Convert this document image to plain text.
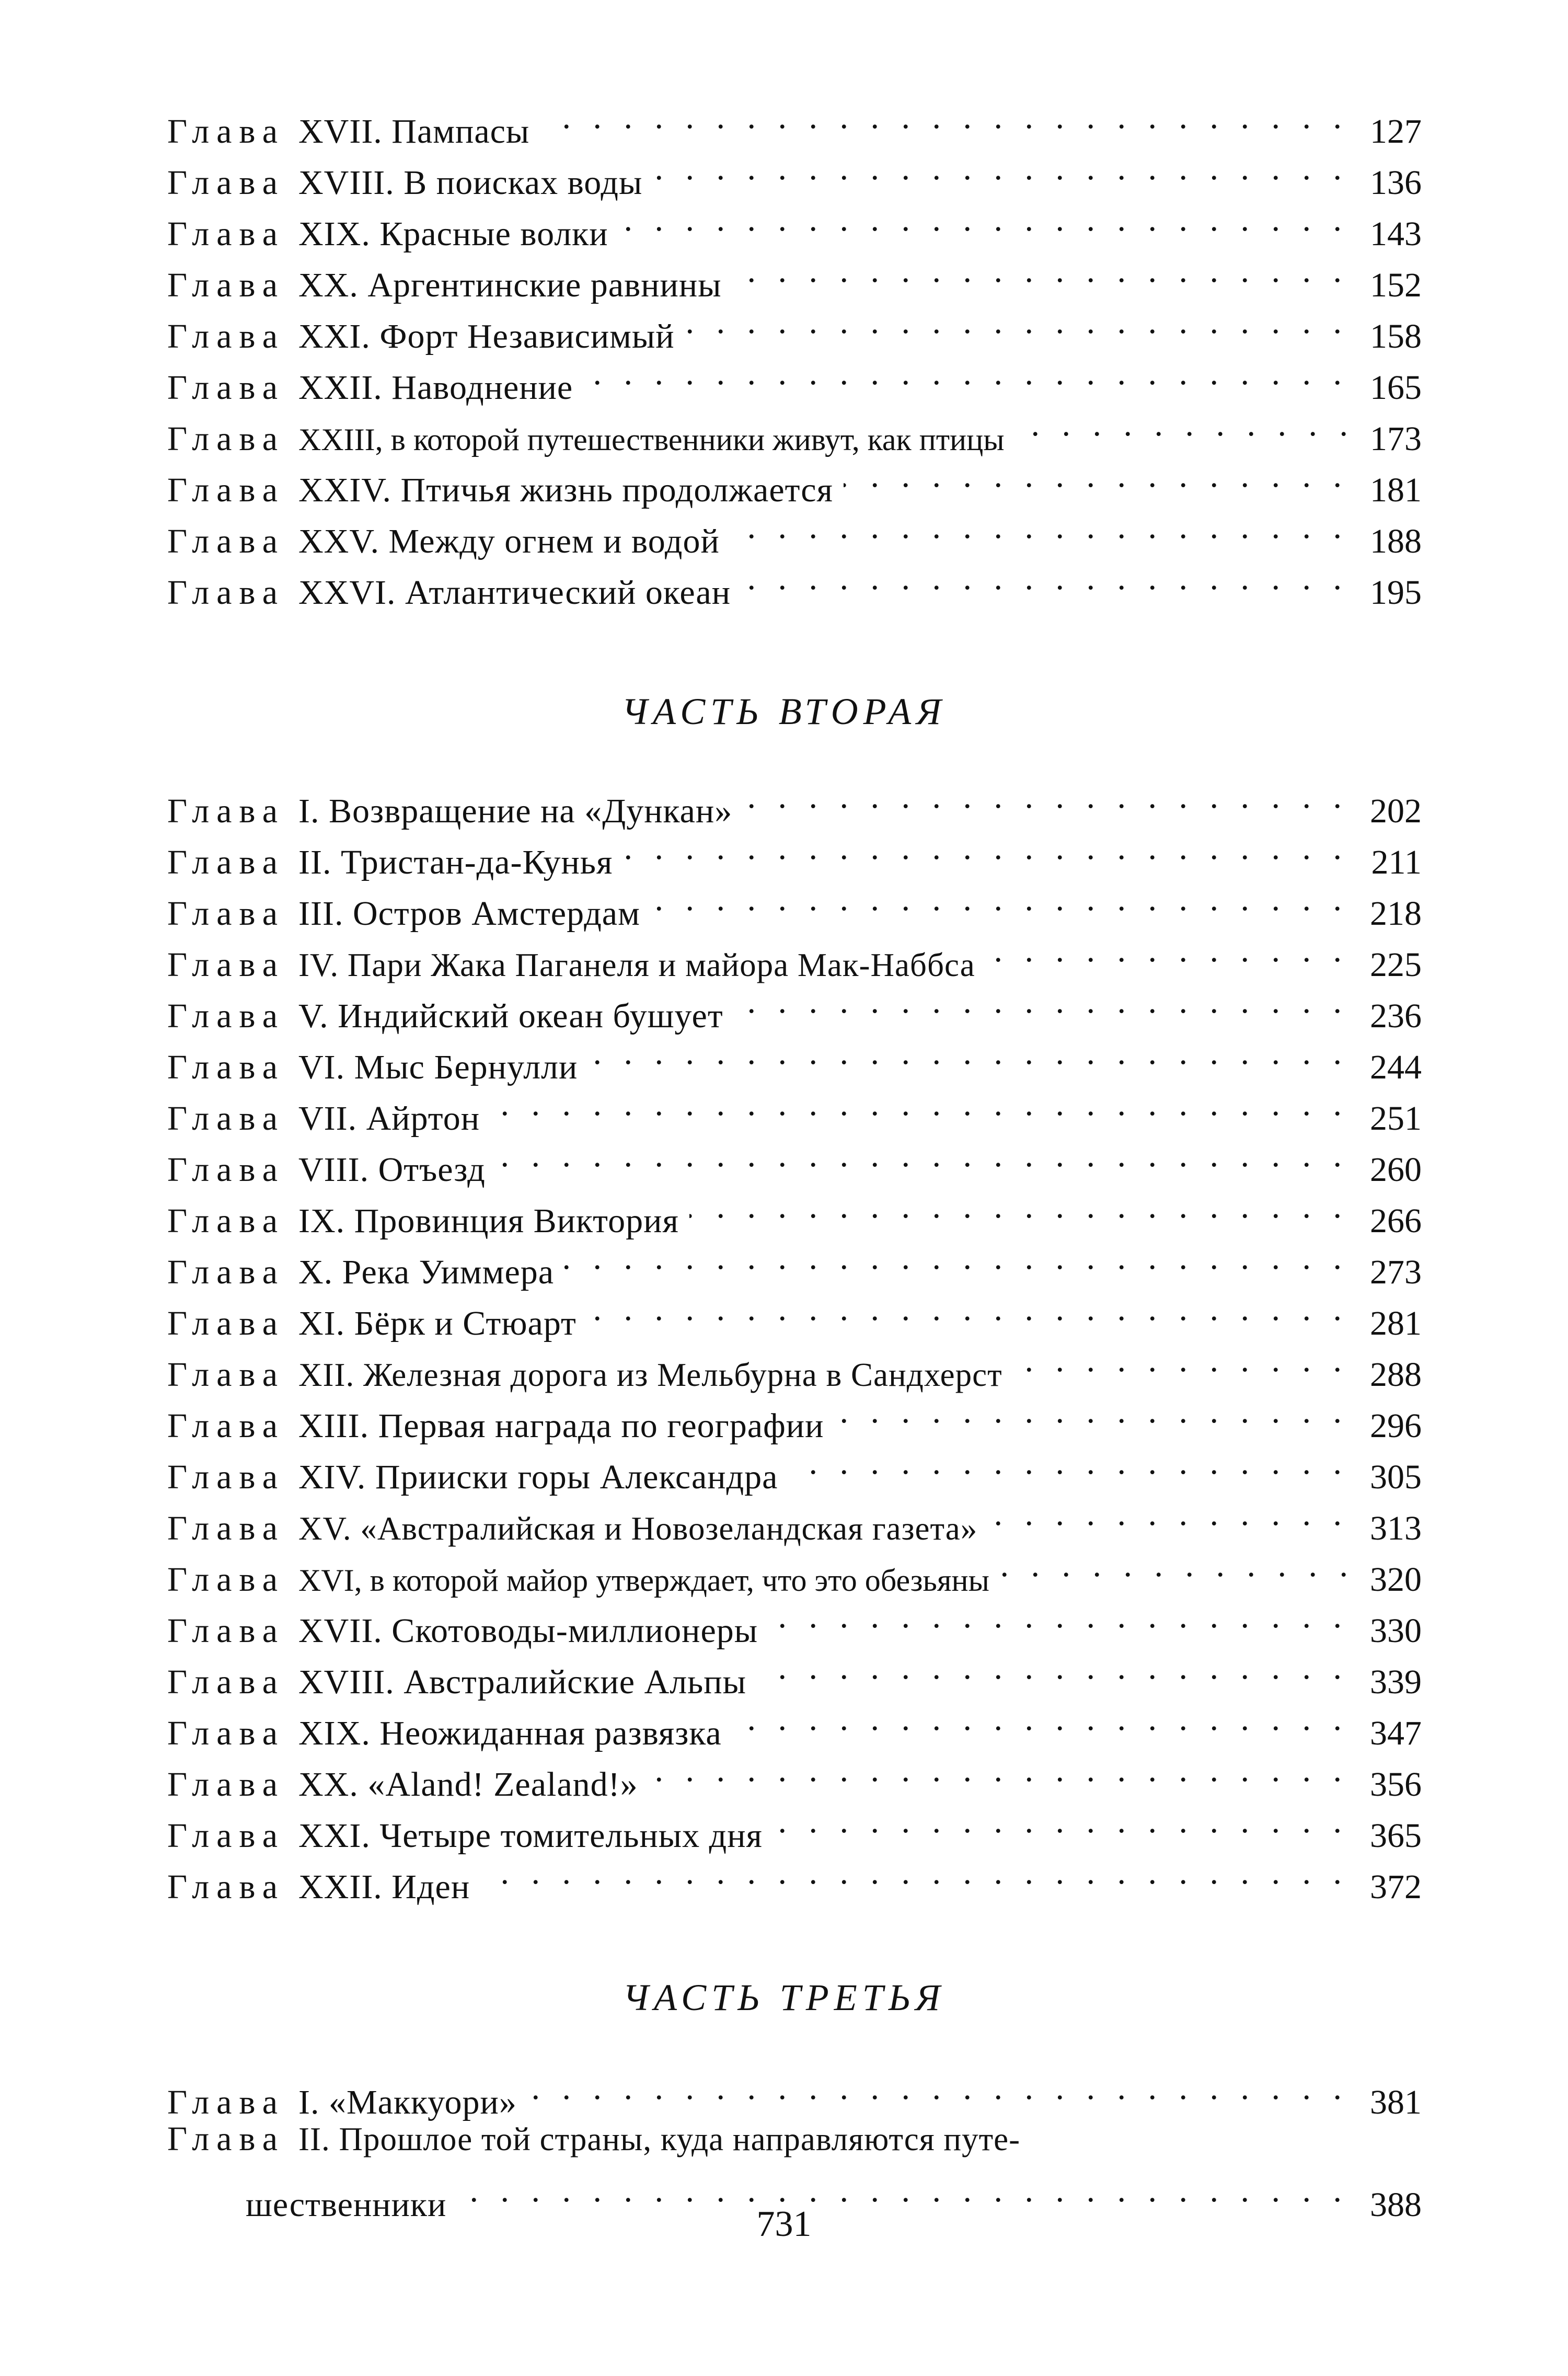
Глава XVII. Пампасы . . .	127
Глава XVIII. В поисках воды . . .	136
Глава XIX. Красные волки . . .	143
Глава XX. Аргентинские равнины . . .	152
Глава XXI. Форт Независимый . . .	158
Глава XXII. Наводнение . . .	165
Глава XXIII, в которой путешественники живут, как птицы . . .	173
Глава XXIV. Птичья жизнь продолжается . . .	181
Глава XXV. Между огнем и водой . . .	188
Глава XXVI. Атлантический океан . . .	195
ЧАСТЬ ВТОРАЯ
Глава I. Возвращение на «Дункан» . . .	202
Глава II. Тристан-да-Кунья . . .	211
Глава III. Остров Амстердам . . .	218
Глава IV. Пари Жака Паганеля и майора Мак-Наббса . . .	225
Глава V. Индийский океан бушует . . .	236
Глава VI. Мыс Бернулли . . .	244
Глава VII. Айртон . . .	251
Глава VIII. Отъезд . . .	260
Глава IX. Провинция Виктория . . .	266
Глава X. Река Уиммера . . .	273
Глава XI. Бёрк и Стюарт . . .	281
Глава XII. Железная дорога из Мельбурна в Сандхерст . . .	288
Глава XIII. Первая награда по географии . . .	296
Глава XIV. Прииски горы Александра . . .	305
Глава XV. «Австралийская и Новозеландская газета» . . .	313
Глава XVI, в которой майор утверждает, что это обезьяны . . .	320
Глава XVII. Скотоводы-миллионеры . . .	330
Глава XVIII. Австралийские Альпы . . .	339
Глава XIX. Неожиданная развязка . . .	347
Глава XX. «Aland! Zealand!» . . .	356
Глава XXI. Четыре томительных дня . . .	365
Глава XXII. Иден . . .	372
ЧАСТЬ ТРЕТЬЯ
Глава I. «Маккуори» . . .	381
Глава II. Прошлое той страны, куда направляются путе-
шественники . . .	388
731
